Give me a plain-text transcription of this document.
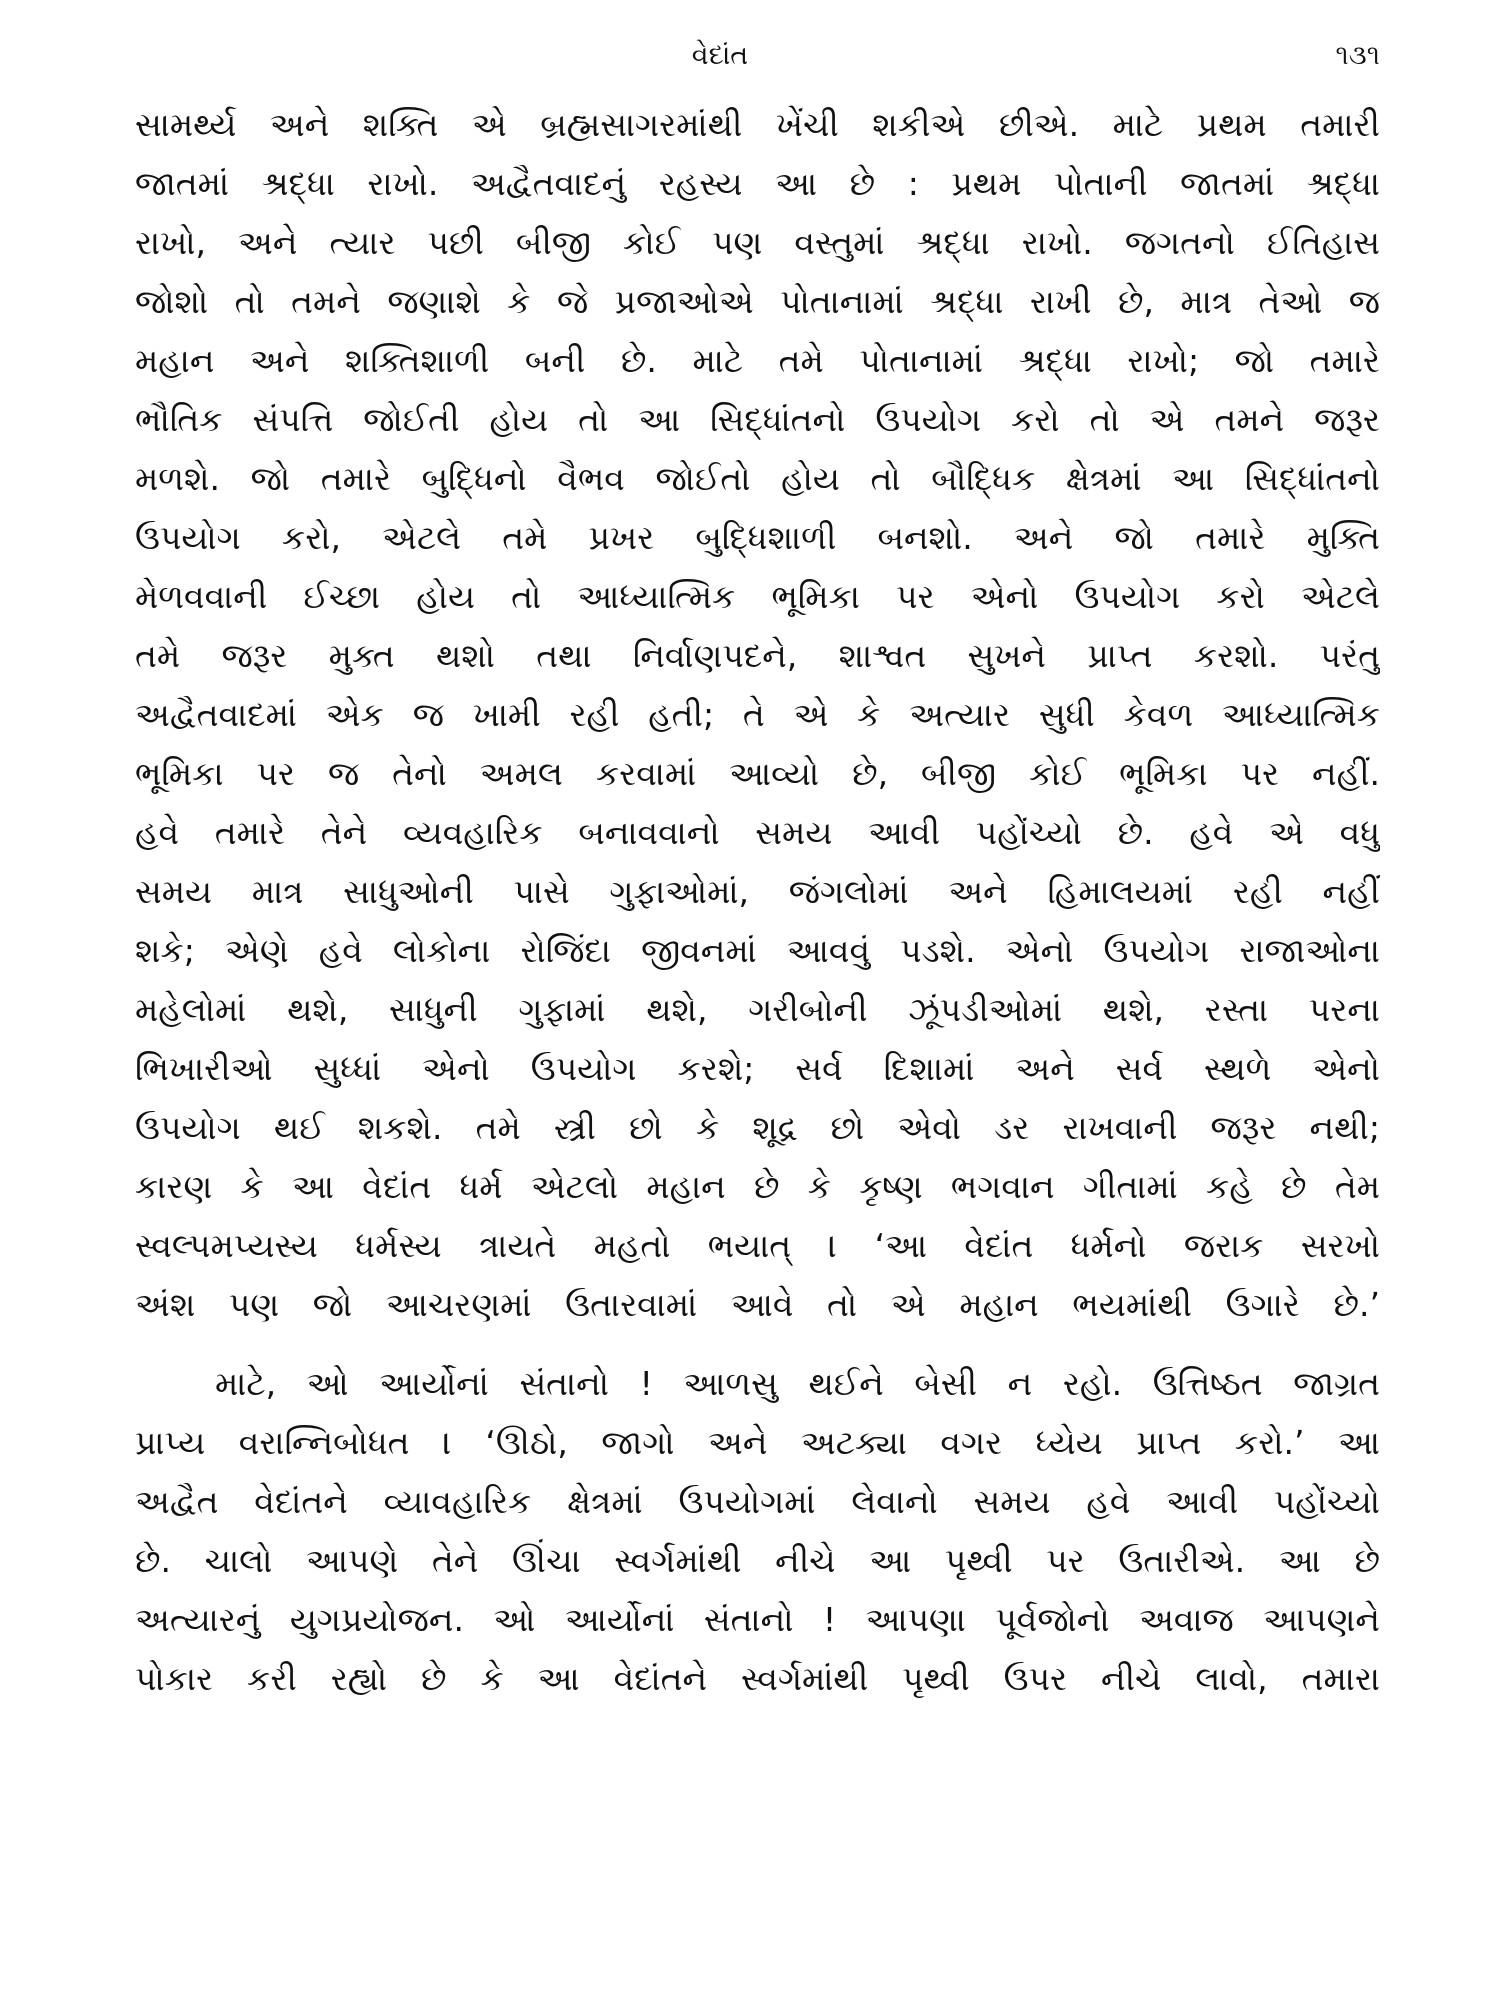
વેદાંત	૧૩૧
સામર્થ્ય અને શક્તિ એ બ્રહ્મસાગરમાંથી ખેંચી શકીએ છીએ. માટે પ્રથમ તમારી
જાતમાં શ્રદ્ધા રાખો. અદ્વૈતવાદનું રહસ્ય આ છે : પ્રથમ પોતાની જાતમાં શ્રદ્ધા
રાખો, અને ત્યાર પછી બીજી કોઈ પણ વસ્તુમાં શ્રદ્ધા રાખો. જગતનો ઈતિહાસ
જોશો તો તમને જણાશે કે જે પ્રજાઓએ પોતાનામાં શ્રદ્ધા રાખી છે, માત્ર તેઓ જ
મહાન અને શક્તિશાળી બની છે. માટે તમે પોતાનામાં શ્રદ્ધા રાખો; જો તમારે
ભૌતિક સંપત્તિ જોઈતી હોય તો આ સિદ્ધાંતનો ઉપયોગ કરો તો એ તમને જરૂર
મળશે. જો તમારે બુદ્ધિનો વૈભવ જોઈતો હોય તો બૌદ્ધિક ક્ષેત્રમાં આ સિદ્ધાંતનો
ઉપયોગ કરો, એટલે તમે પ્રખર બુદ્ધિશાળી બનશો. અને જો તમારે મુક્તિ
મેળવવાની ઈચ્છા હોય તો આધ્યાત્મિક ભૂમિકા પર એનો ઉપયોગ કરો એટલે
તમે જરૂર મુક્ત થશો તથા નિર્વાણપદને, શાશ્વત સુખને પ્રાપ્ત કરશો. પરંતુ
અદ્વૈતવાદમાં એક જ ખામી રહી હતી; તે એ કે અત્યાર સુધી કેવળ આધ્યાત્મિક
ભૂમિકા પર જ તેનો અમલ કરવામાં આવ્યો છે, બીજી કોઈ ભૂમિકા પર નહીં.
હવે તમારે તેને વ્યવહારિક બનાવવાનો સમય આવી પહોંચ્યો છે. હવે એ વધુ
સમય માત્ર સાધુઓની પાસે ગુફાઓમાં, જંગલોમાં અને હિમાલયમાં રહી નહીં
શકે; એણે હવે લોકોના રોજિંદા જીવનમાં આવવું પડશે. એનો ઉપયોગ રાજાઓના
મહેલોમાં થશે, સાધુની ગુફામાં થશે, ગરીબોની ઝૂંપડીઓમાં થશે, રસ્તા પરના
ભિખારીઓ સુધ્ધાં એનો ઉપયોગ કરશે; સર્વ દિશામાં અને સર્વ સ્થળે એનો
ઉપયોગ થઈ શકશે. તમે સ્ત્રી છો કે શૂદ્ર છો એવો ડર રાખવાની જરૂર નથી;
કારણ કે આ વેદાંત ધર્મ એટલો મહાન છે કે કૃષ્ણ ભગવાન ગીતામાં કહે છે તેમ
સ્વલ્પમપ્યસ્ય ધર્મસ્ય ત્રાયતે મહતો ભયાત્ । ‘આ વેદાંત ધર્મનો જરાક સરખો
અંશ પણ જો આચરણમાં ઉતારવામાં આવે તો એ મહાન ભયમાંથી ઉગારે છે.’
માટે, ઓ આર્યોનાં સંતાનો ! આળસુ થઈને બેસી ન રહો. ઉત્તિષ્ઠત જાગ્રત
પ્રાપ્ય વરાન્નિબોધત । ‘ઊઠો, જાગો અને અટક્યા વગર ધ્યેય પ્રાપ્ત કરો.’ આ
અદ્વૈત વેદાંતને વ્યાવહારિક ક્ષેત્રમાં ઉપયોગમાં લેવાનો સમય હવે આવી પહોંચ્યો
છે. ચાલો આપણે તેને ઊંચા સ્વર્ગમાંથી નીચે આ પૃથ્વી પર ઉતારીએ. આ છે
અત્યારનું યુગપ્રયોજન. ઓ આર્યોનાં સંતાનો ! આપણા પૂર્વજોનો અવાજ આપણને
પોકાર કરી રહ્યો છે કે આ વેદાંતને સ્વર્ગમાંથી પૃથ્વી ઉપર નીચે લાવો, તમારા
